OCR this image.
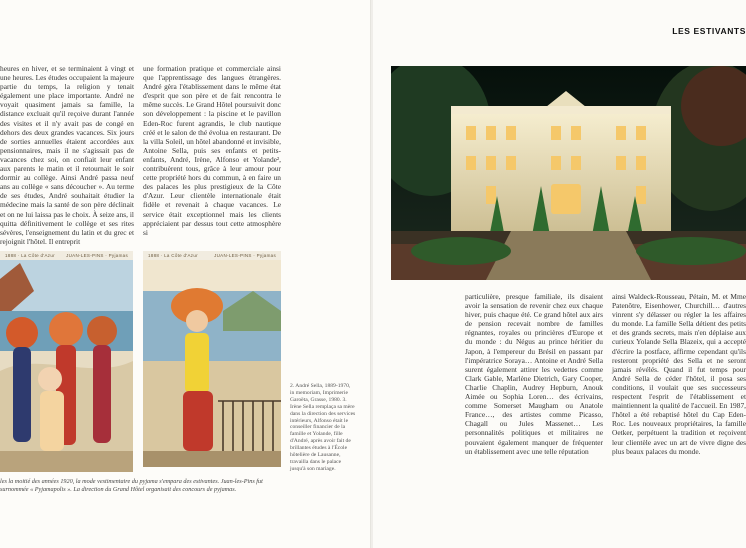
heures en hiver, et se terminaient à vingt et une heures. Les études occupaient la majeure partie du temps, la religion y tenait également une place importante. André ne voyait quasiment jamais sa famille, la distance excluait qu'il reçoive durant l'année des visites et il n'y avait pas de congé en dehors des deux grandes vacances. Six jours de sorties annuelles étaient accordées aux pensionnaires, mais il ne s'agissait pas de vacances chez soi, on confiait leur enfant aux parents le matin et il retournait le soir dormir au collège. Ainsi André passa neuf ans au collège « sans découcher ». Au terme de ses études, André souhaitait étudier la médecine mais la santé de son père déclinait et on ne lui laissa pas le choix. À seize ans, il quitta définitivement le collège et ses rites sévères, l'enseignement du latin et du grec et rejoignit l'hôtel. Il entreprit

une formation pratique et commerciale ainsi que l'apprentissage des langues étrangères. André gèra l'établissement dans le même état d'esprit que son père et de fait rencontra le même succès. Le Grand Hôtel poursuivit donc son développement : la piscine et le pavillon Eden-Roc furent agrandis, le club nautique créé et le salon de thé évolua en restaurant. De la villa Soleil, un hôtel abandonné et invisible, Antoine Sella, puis ses enfants et petits-enfants, André, Irène, Alfonso et Yolande², contribuèrent tous, grâce à leur amour pour cette propriété hors du commun, à en faire un des palaces les plus prestigieux de la Côte d'Azur. Leur clientèle internationale était fidèle et revenait à chaque vacances. Le service était exceptionnel mais les clients appréciaient par dessus tout cette atmosphère si

1888 · La Côte d'Azur JUAN-LES-PINS · Pyjamas	1888 · La Côte d'Azur	JUAN-LES-PINS · Pyjamas
les la moitié des années 1920, la mode vestimentaire du pyjama s'empara des estivantes. Juan-les-Pins fut surnommée « Pyjamapolis ». La direction du Grand Hôtel organisait des concours de pyjamas.
2. André Sella, 1889-1970, in memoriam, Imprimerie Garoëta, Grasse, 1980. 3. Irène Sella remplaça sa mère dans la direction des services intérieurs, Alfonso était le conseiller financier de la famille et Yolande, fille d'André, après avoir fait de brillantes études à l'École hôtelière de Lausanne, travailla dans le palace jusqu'à son mariage.
LES ESTIVANTS

particulière, presque familiale, ils disaient avoir la sensation de revenir chez eux chaque hiver, puis chaque été. Ce grand hôtel aux airs de pension recevait nombre de familles régnantes, royales ou princières d'Europe et du monde : du Négus au prince héritier du Japon, à l'empereur du Brésil en passant par l'impératrice Soraya… Antoine et André Sella surent également attirer les vedettes comme Clark Gable, Marlène Dietrich, Gary Cooper, Charlie Chaplin, Audrey Hepburn, Anouk Aimée ou Sophia Loren… des écrivains, comme Somerset Maugham ou Anatole France…, des artistes comme Picasso, Chagall ou Jules Massenet… Les personnalités politiques et militaires ne pouvaient également manquer de fréquenter un établissement avec une telle réputation

ainsi Waldeck-Rousseau, Pétain, M. et Mme Patenôtre, Eisenhower, Churchill… d'autres vinrent s'y délasser ou régler la les affaires du monde. La famille Sella détient des petits et des grands secrets, mais n'en déplaise aux curieux Yolande Sella Blazeix, qui a accepté d'écrire la postface, affirme cependant qu'ils resteront propriété des Sella et ne seront jamais révélés. Quand il fut temps pour André Sella de céder l'hôtel, il posa ses conditions, il voulait que ses successeurs respectent l'esprit de l'établissement et maintiennent la qualité de l'accueil. En 1987, l'hôtel a été rebaptisé hôtel du Cap Eden-Roc. Les nouveaux propriétaires, la famille Oetker, perpétuent la tradition et reçoivent leur clientèle avec un art de vivre digne des plus beaux palaces du monde.
